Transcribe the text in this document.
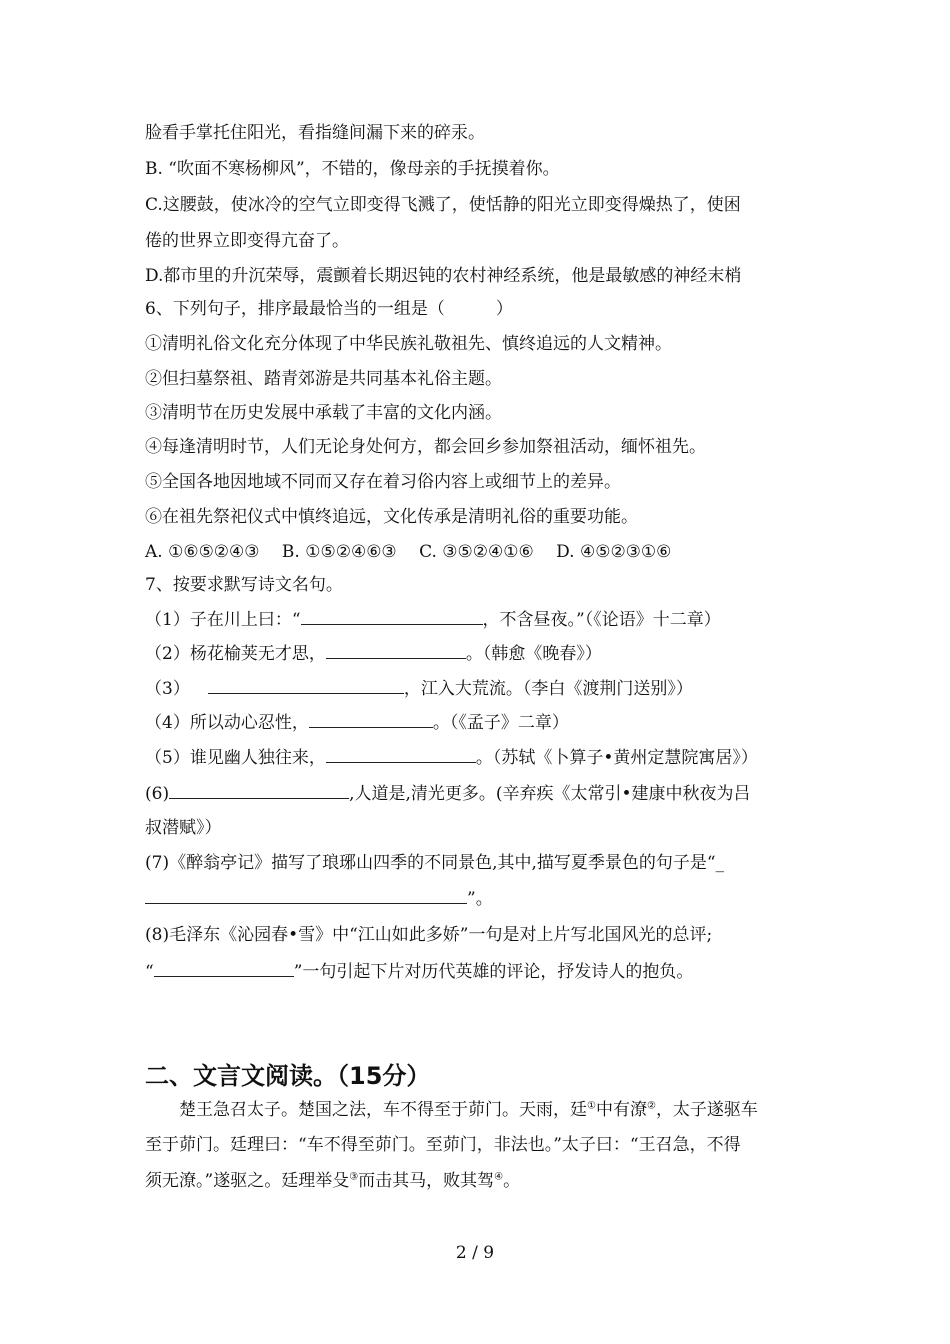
脸看手掌托住阳光，看指缝间漏下来的碎汞。
B. “吹面不寒杨柳风”，不错的，像母亲的手抚摸着你。
C.这腰鼓，使冰冷的空气立即变得飞溅了，使恬静的阳光立即变得燥热了，使困
倦的世界立即变得亢奋了。
D.都市里的升沉荣辱，震颤着长期迟钝的农村神经系统，他是最敏感的神经末梢
6、下列句子，排序最最恰当的一组是（　　　）
①清明礼俗文化充分体现了中华民族礼敬祖先、慎终追远的人文精神。
②但扫墓祭祖、踏青郊游是共同基本礼俗主题。
③清明节在历史发展中承载了丰富的文化内涵。
④每逢清明时节，人们无论身处何方，都会回乡参加祭祖活动，缅怀祖先。
⑤全国各地因地域不同而又存在着习俗内容上或细节上的差异。
⑥在祖先祭祀仪式中慎终追远，文化传承是清明礼俗的重要功能。
A. ①⑥⑤②④③　 B. ①⑤②④⑥③　 C. ③⑤②④①⑥　 D. ④⑤②③①⑥
7、按要求默写诗文名句。
（1）子在川上曰：“	，不含昼夜。”（《论语》十二章）
（2）杨花榆荚无才思，	。（韩愈《晚春》）
（3）	，江入大荒流。（李白《渡荆门送别》）
（4）所以动心忍性，	。（《孟子》二章）
（5）谁见幽人独往来，	。（苏轼《卜算子•黄州定慧院寓居》）
(6)	,人道是,清光更多。(辛弃疾《太常引•建康中秋夜为吕
叔潜赋》）
(7)《醉翁亭记》描写了琅琊山四季的不同景色,其中,描写夏季景色的句子是“_
”。
(8)毛泽东《沁园春•雪》中“江山如此多娇”一句是对上片写北国风光的总评;
“	”一句引起下片对历代英雄的评论，抒发诗人的抱负。
二、文言文阅读。（15分）
楚王急召太子。楚国之法，车不得至于茆门。天雨，廷①中有潦②，太子遂驱车
至于茆门。廷理曰：“车不得至茆门。至茆门，非法也。”太子曰：“王召急，不得
须无潦。”遂驱之。廷理举殳③而击其马，败其驾④。
2 / 9
